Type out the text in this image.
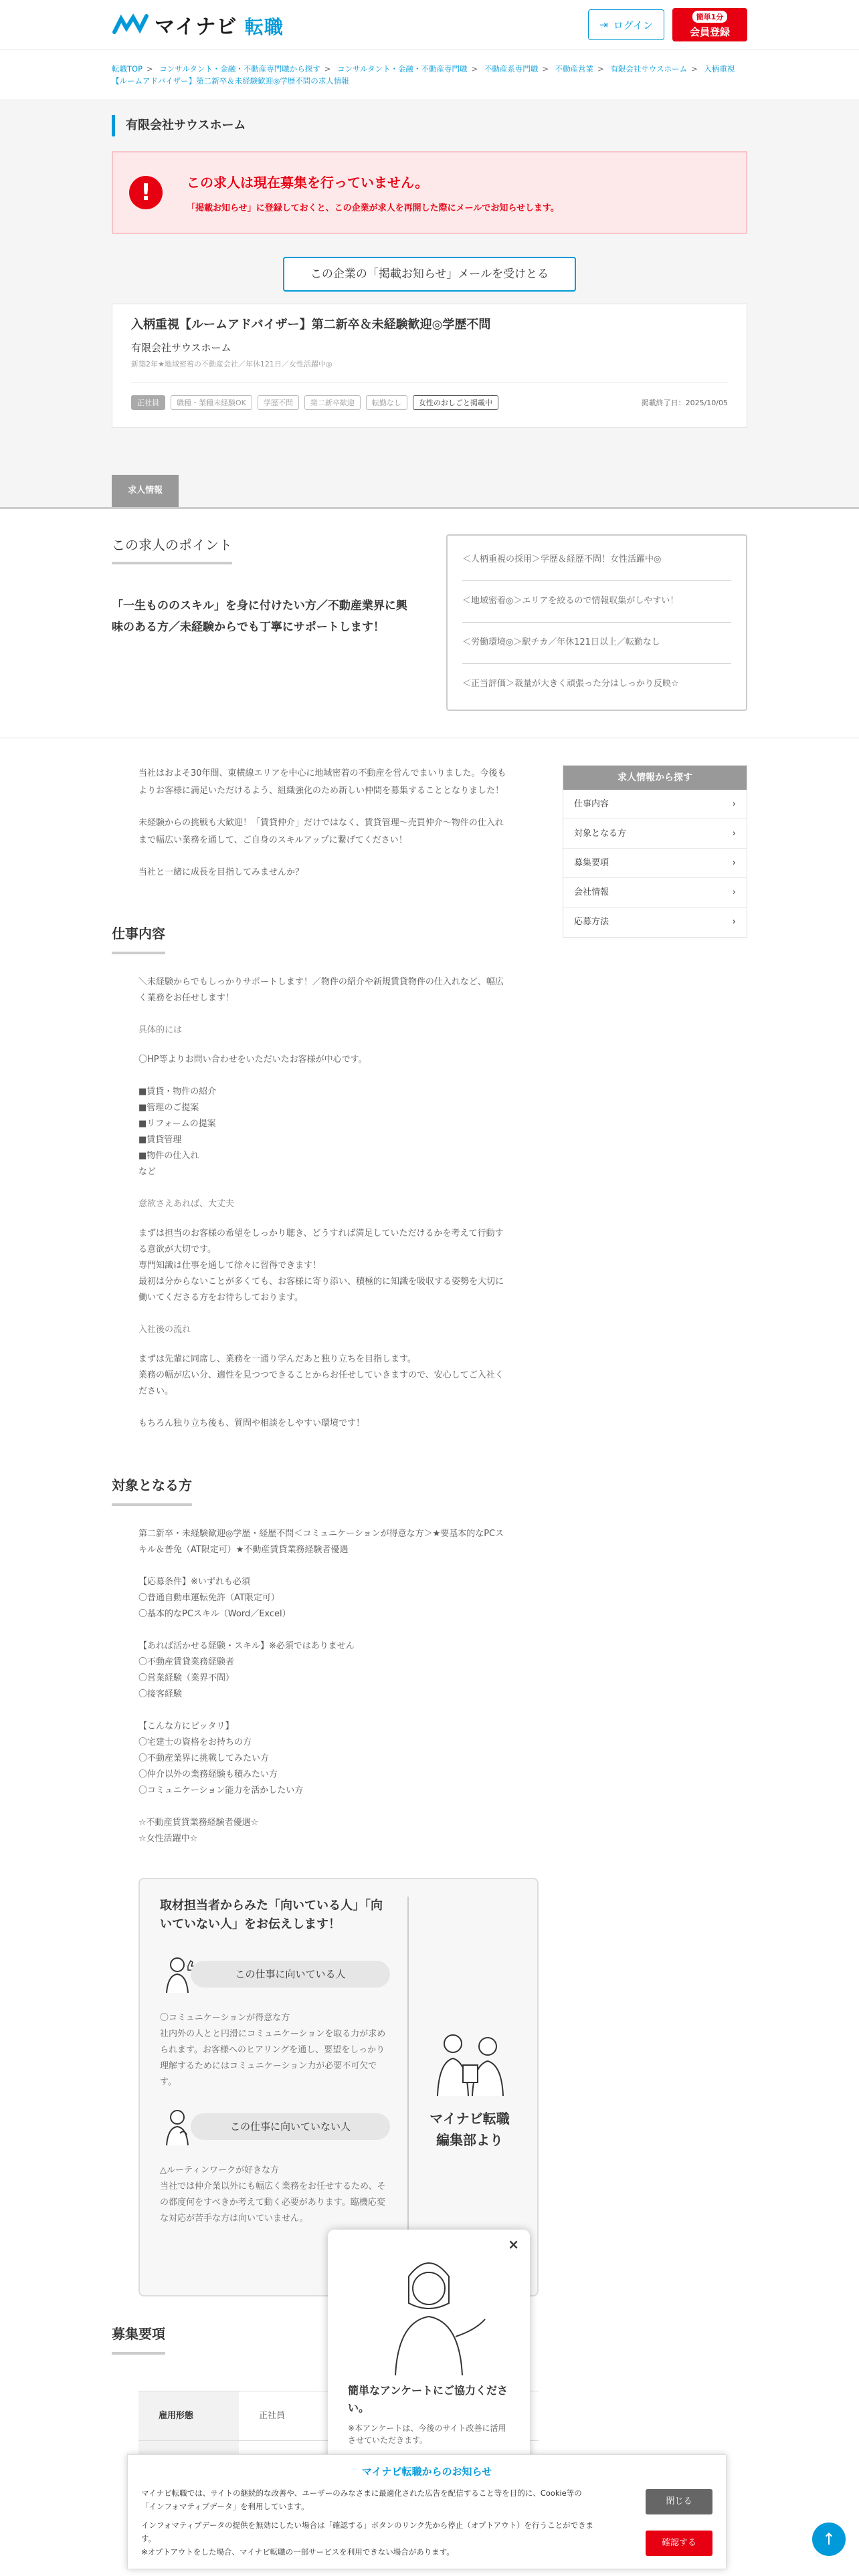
マイナビ 転職	⇥ ログイン
簡単1分
会員登録
転職TOP > コンサルタント・金融・不動産専門職から探す > コンサルタント・金融・不動産専門職 > 不動産系専門職 > 不動産営業 > 有限会社サウスホーム > 入柄重視【ルームアドバイザー】第二新卒＆未経験歓迎◎学歴不問の求人情報
有限会社サウスホーム
!	この求人は現在募集を行っていません。

「掲載お知らせ」に登録しておくと、この企業が求人を再開した際にメールでお知らせします。

この企業の「掲載お知らせ」メールを受けとる
入柄重視【ルームアドバイザー】第二新卒＆未経験歓迎◎学歴不問
有限会社サウスホーム
新築2年★地域密着の不動産会社／年休121日／女性活躍中◎
正社員	職種・業種未経験OK	学歴不問	第二新卒歓迎	転勤なし	女性のおしごと掲載中	掲載終了日：2025/10/05
求人情報
この求人のポイント

「一生もののスキル」を身に付けたい方／不動産業界に興味のある方／未経験からでも丁寧にサポートします！

＜人柄重視の採用＞学歴＆経歴不問！女性活躍中◎
＜地域密着◎＞エリアを絞るので情報収集がしやすい！
＜労働環境◎＞駅チカ／年休121日以上／転勤なし
＜正当評価＞裁量が大きく頑張った分はしっかり反映☆

当社はおよそ30年間、東横線エリアを中心に地域密着の不動産を営んでまいりました。今後もよりお客様に満足いただけるよう、組織強化のため新しい仲間を募集することとなりました！

未経験からの挑戦も大歓迎！「賃貸仲介」だけではなく、賃貸管理〜売買仲介〜物件の仕入れまで幅広い業務を通して、ご自身のスキルアップに繋げてください！

当社と一緒に成長を目指してみませんか？

仕事内容
＼未経験からでもしっかりサポートします！／物件の紹介や新規賃貸物件の仕入れなど、幅広く業務をお任せします！
具体的には
〇HP等よりお問い合わせをいただいたお客様が中心です。

■賃貸・物件の紹介
■管理のご提案
■リフォームの提案
■賃貸管理
■物件の仕入れ
など
意欲さえあれば、大丈夫
まずは担当のお客様の希望をしっかり聴き、どうすれば満足していただけるかを考えて行動する意欲が大切です。
専門知識は仕事を通して徐々に習得できます！
最初は分からないことが多くても、お客様に寄り添い、積極的に知識を吸収する姿勢を大切に働いてくださる方をお待ちしております。
入社後の流れ
まずは先輩に同席し、業務を一通り学んだあと独り立ちを目指します。
業務の幅が広い分、適性を見つつできることからお任せしていきますので、安心してご入社ください。

もちろん独り立ち後も、質問や相談をしやすい環境です！
対象となる方
第二新卒・未経験歓迎◎学歴・経歴不問＜コミュニケーションが得意な方＞★要基本的なPCスキル＆普免（AT限定可）★不動産賃貸業務経験者優遇
【応募条件】※いずれも必須
〇普通自動車運転免許（AT限定可）
〇基本的なPCスキル（Word／Excel）
【あれば活かせる経験・スキル】※必須ではありません
〇不動産賃貸業務経験者
〇営業経験（業界不問）
〇接客経験
【こんな方にピッタリ】
〇宅建士の資格をお持ちの方
〇不動産業界に挑戦してみたい方
〇仲介以外の業務経験も積みたい方
〇コミュニケーション能力を活かしたい方
☆不動産賃貸業務経験者優遇☆
☆女性活躍中☆
取材担当者からみた「向いている人」「向いていない人」をお伝えします！
この仕事に向いている人

〇コミュニケーションが得意な方
社内外の人とと円滑にコミュニケーションを取る力が求められます。お客様へのヒアリングを通し、要望をしっかり理解するためにはコミュニケーション力が必要不可欠です。

この仕事に向いていない人

△ルーティンワークが好きな方
当社では仲介業以外にも幅広く業務をお任せするため、その都度何をすべきか考えて動く必要があります。臨機応変な対応が苦手な方は向いていません。

マイナビ転職
編集部より
募集要項
雇用形態	正社員
求人情報から探す
仕事内容	›
対象となる方	›
募集要項	›
会社情報	›
応募方法	›
×
簡単なアンケートにご協力ください。

※本アンケートは、今後のサイト改善に活用させていただきます。

マイナビ転職からのお知らせ

マイナビ転職では、サイトの継続的な改善や、ユーザーのみなさまに最適化された広告を配信すること等を目的に、Cookie等の「インフォマティブデータ」を利用しています。

インフォマティブデータの提供を無効にしたい場合は「確認する」ボタンのリンク先から停止（オプトアウト）を行うことができます。
※オプトアウトをした場合、マイナビ転職の一部サービスを利用できない場合があります。

閉じる
確認する	↑
